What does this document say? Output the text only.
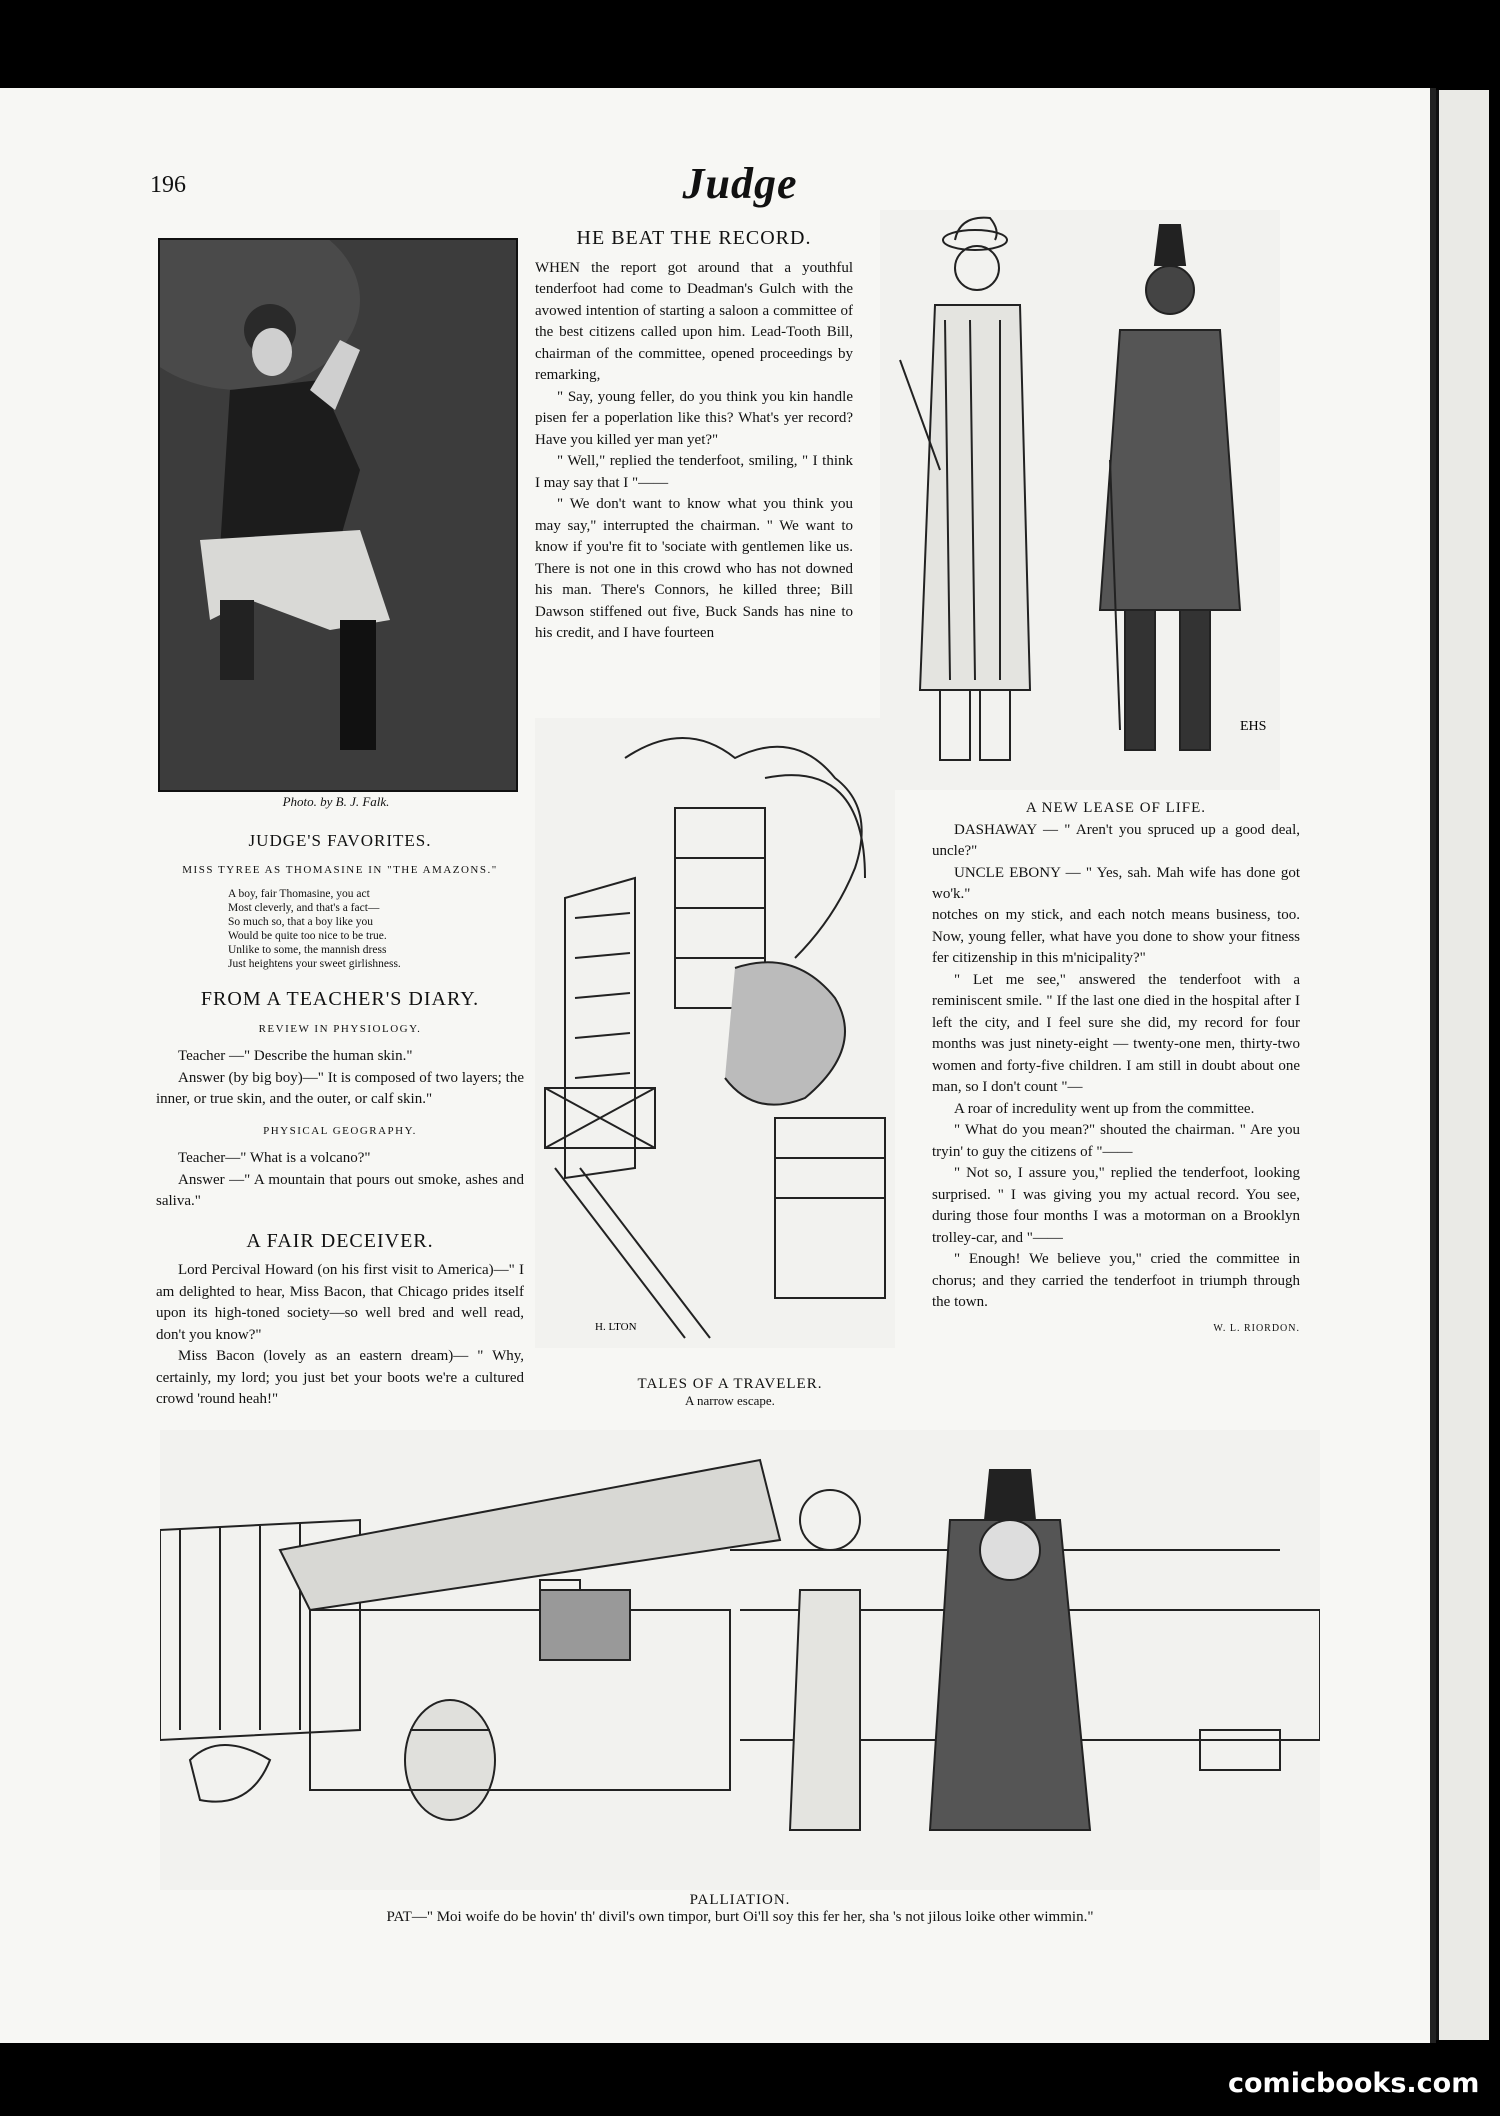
196	Judge
Photo. by B. J. Falk.
JUDGE'S FAVORITES.
MISS TYREE AS THOMASINE IN "THE AMAZONS."
A boy, fair Thomasine, you act
Most cleverly, and that's a fact—
So much so, that a boy like you
Would be quite too nice to be true.
Unlike to some, the mannish dress
Just heightens your sweet girlishness.
FROM A TEACHER'S DIARY.
REVIEW IN PHYSIOLOGY.

Teacher —" Describe the human skin."

Answer (by big boy)—" It is composed of two layers; the inner, or true skin, and the outer, or calf skin."

PHYSICAL GEOGRAPHY.

Teacher—" What is a volcano?"

Answer —" A mountain that pours out smoke, ashes and saliva."

A FAIR DECEIVER.

Lord Percival Howard (on his first visit to America)—" I am delighted to hear, Miss Bacon, that Chicago prides itself upon its high-toned society—so well bred and well read, don't you know?"

Miss Bacon (lovely as an eastern dream)— " Why, certainly, my lord; you just bet your boots we're a cultured crowd 'round heah!"

HE BEAT THE RECORD.

WHEN the report got around that a youthful tenderfoot had come to Deadman's Gulch with the avowed intention of starting a saloon a committee of the best citizens called upon him. Lead-Tooth Bill, chairman of the committee, opened proceedings by remarking,

" Say, young feller, do you think you kin handle pisen fer a poperlation like this? What's yer record? Have you killed yer man yet?"

" Well," replied the tenderfoot, smiling, " I think I may say that I "——

" We don't want to know what you think you may say," interrupted the chairman. " We want to know if you're fit to 'sociate with gentlemen like us. There is not one in this crowd who has not downed his man. There's Connors, he killed three; Bill Dawson stiffened out five, Buck Sands has nine to his credit, and I have fourteen

EHS
A NEW LEASE OF LIFE.

DASHAWAY — " Aren't you spruced up a good deal, uncle?"

UNCLE EBONY — " Yes, sah. Mah wife has done got wo'k."

notches on my stick, and each notch means business, too. Now, young feller, what have you done to show your fitness fer citizenship in this m'nicipality?"

" Let me see," answered the tenderfoot with a reminiscent smile. " If the last one died in the hospital after I left the city, and I feel sure she did, my record for four months was just ninety-eight — twenty-one men, thirty-two women and forty-five children. I am still in doubt about one man, so I don't count "—

A roar of incredulity went up from the committee.

" What do you mean?" shouted the chairman. " Are you tryin' to guy the citizens of "——

" Not so, I assure you," replied the tenderfoot, looking surprised. " I was giving you my actual record. You see, during those four months I was a motorman on a Brooklyn trolley-car, and "——

" Enough! We believe you," cried the committee in chorus; and they carried the tenderfoot in triumph through the town.

W. L. RIORDON.
H. LTON
TALES OF A TRAVELER.
A narrow escape.
PALLIATION.
PAT—" Moi woife do be hovin' th' divil's own timpor, burt Oi'll soy this fer her, sha 's not jilous loike other wimmin."
comicbooks.com
